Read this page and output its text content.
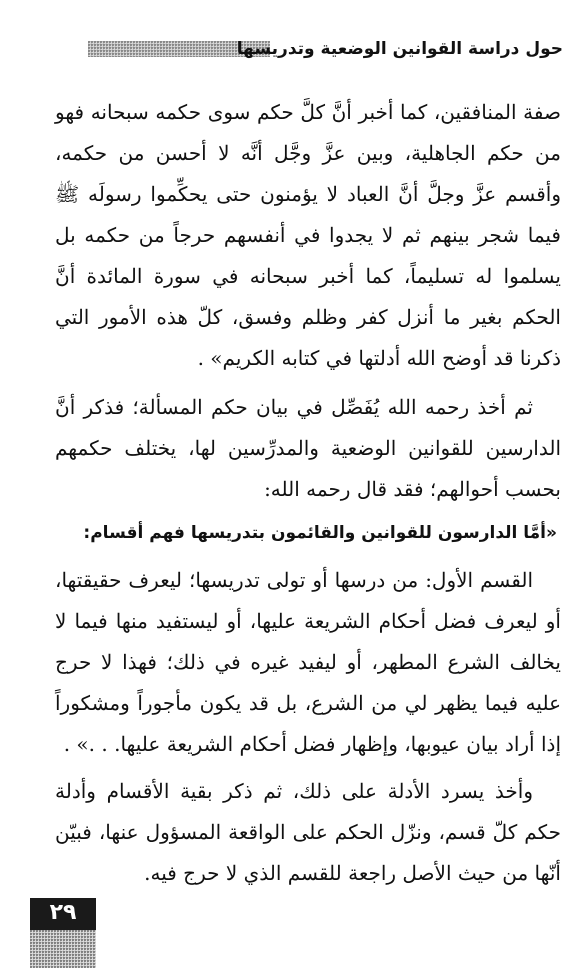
حول دراسة القوانين الوضعية وتدريسها

صفة المنافقين، كما أخبر أنَّ كلَّ حكم سوى حكمه سبحانه فهو من حكم الجاهلية، وبين عزَّ وجَّل أنَّه لا أحسن من حكمه، وأقسم عزَّ وجلَّ أنَّ العباد لا يؤمنون حتى يحكِّموا رسولَه ﷺ فيما شجر بينهم ثم لا يجدوا في أنفسهم حرجاً من حكمه بل يسلموا له تسليماً، كما أخبر سبحانه في سورة المائدة أنَّ الحكم بغير ما أنزل كفر وظلم وفسق، كلّ هذه الأمور التي ذكرنا قد أوضح الله أدلتها في كتابه الكريم» .

ثم أخذ رحمه الله يُفَصِّل في بيان حكم المسألة؛ فذكر أنَّ الدارسين للقوانين الوضعية والمدرِّسين لها، يختلف حكمهم بحسب أحوالهم؛ فقد قال رحمه الله:

«أمَّا الدارسون للقوانين والقائمون بتدريسها فهم أقسام:

القسم الأول: من درسها أو تولى تدريسها؛ ليعرف حقيقتها، أو ليعرف فضل أحكام الشريعة عليها، أو ليستفيد منها فيما لا يخالف الشرع المطهر، أو ليفيد غيره في ذلك؛ فهذا لا حرج عليه فيما يظهر لي من الشرع، بل قد يكون مأجوراً ومشكوراً إذا أراد بيان عيوبها، وإظهار فضل أحكام الشريعة عليها. . .» .

وأخذ يسرد الأدلة على ذلك، ثم ذكر بقية الأقسام وأدلة حكم كلّ قسم، ونزّل الحكم على الواقعة المسؤول عنها، فبيّن أنّها من حيث الأصل راجعة للقسم الذي لا حرج فيه.

٢٩
